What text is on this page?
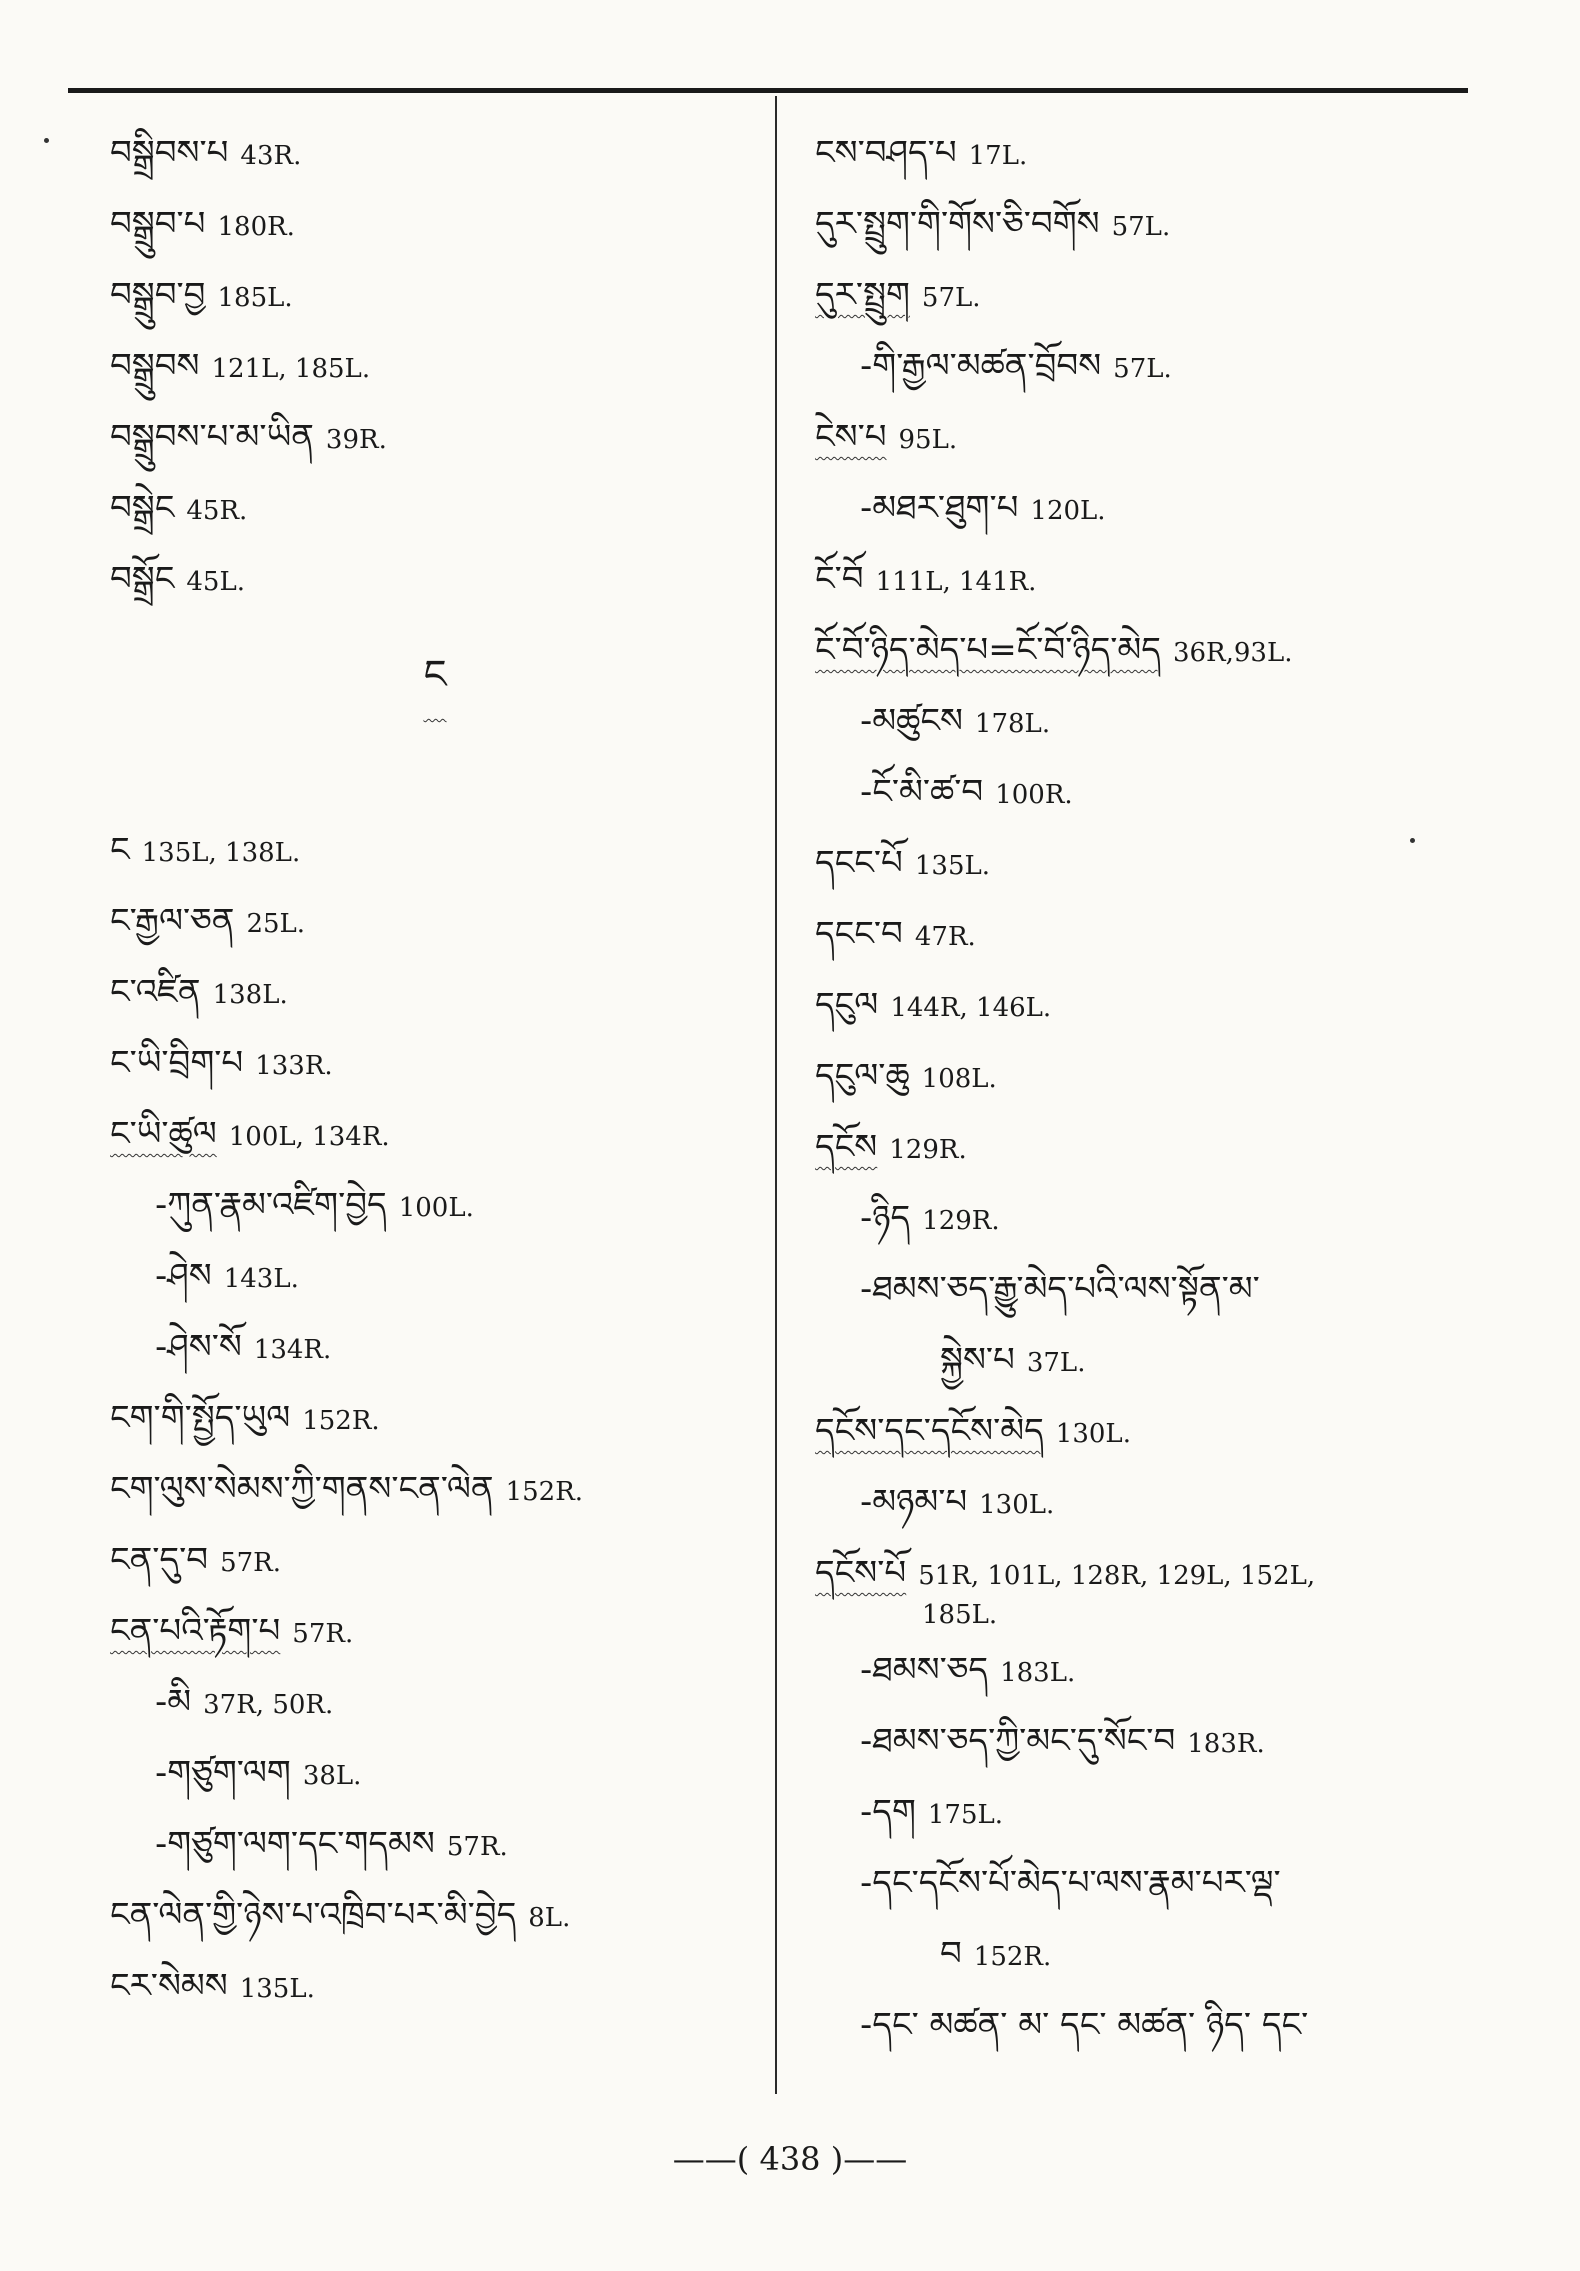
བསྒྲིབས་པ 43R.
བསྒྲུབ་པ 180R.
བསྒྲུབ་བྱ 185L.
བསྒྲུབས 121L, 185L.
བསྒྲུབས་པ་མ་ཡིན 39R.
བསྒྲེང 45R.
བསྒྲོང 45L.
ང
ང 135L, 138L.
ང་རྒྱལ་ཅན 25L.
ང་འཛིན 138L.
ང་ཡི་བྲིག་པ 133R.
ང་ཡི་ཚུལ 100L, 134R.
-ཀུན་རྣམ་འཛིག་བྱེད 100L.
-ཤེས 143L.
-ཤེས་སོ 134R.
ངག་གི་སྤྱོད་ཡུལ 152R.
ངག་ལུས་སེམས་ཀྱི་གནས་ངན་ལེན 152R.
ངན་དུ་བ 57R.
ངན་པའི་རྟོག་པ 57R.
-མི 37R, 50R.
-གཙུག་ལག 38L.
-གཙུག་ལག་དང་གདམས 57R.
ངན་ལེན་གྱི་ཉེས་པ་འཁྲིབ་པར་མི་བྱེད 8L.
ངར་སེམས 135L.
ངས་བཤད་པ 17L.
དུར་སྤྲུག་གི་གོས་ཅི་བགོས 57L.
དུར་སྤྲུག 57L.
-གི་རྒྱལ་མཚན་བྲོབས 57L.
ངེས་པ 95L.
-མཐར་ཐུག་པ 120L.
ངོ་བོ 111L, 141R.
ངོ་བོ་ཉིད་མེད་པ=ངོ་བོ་ཉིད་མེད 36R,93L.
-མཚུངས 178L.
-ངོ་མི་ཚ་བ 100R.
དངང་པོ 135L.
དངང་བ 47R.
དངུལ 144R, 146L.
དངུལ་ཆུ 108L.
དངོས 129R.
-ཉིད 129R.
-ཐམས་ཅད་རྒྱུ་མེད་པའི་ལས་སྟོན་མ་
སྐྱེས་པ 37L.
དངོས་དང་དངོས་མེད 130L.
-མཉམ་པ 130L.
དངོས་པོ 51R, 101L, 128R, 129L, 152L,
185L.
-ཐམས་ཅད 183L.
-ཐམས་ཅད་ཀྱི་མང་དུ་སོང་བ 183R.
-དག 175L.
-དང་དངོས་པོ་མེད་པ་ལས་རྣམ་པར་ལྡ་
བ 152R.
-དང་ མཚན་ མ་ དང་ མཚན་ ཉིད་ དང་
——( 438 )——
